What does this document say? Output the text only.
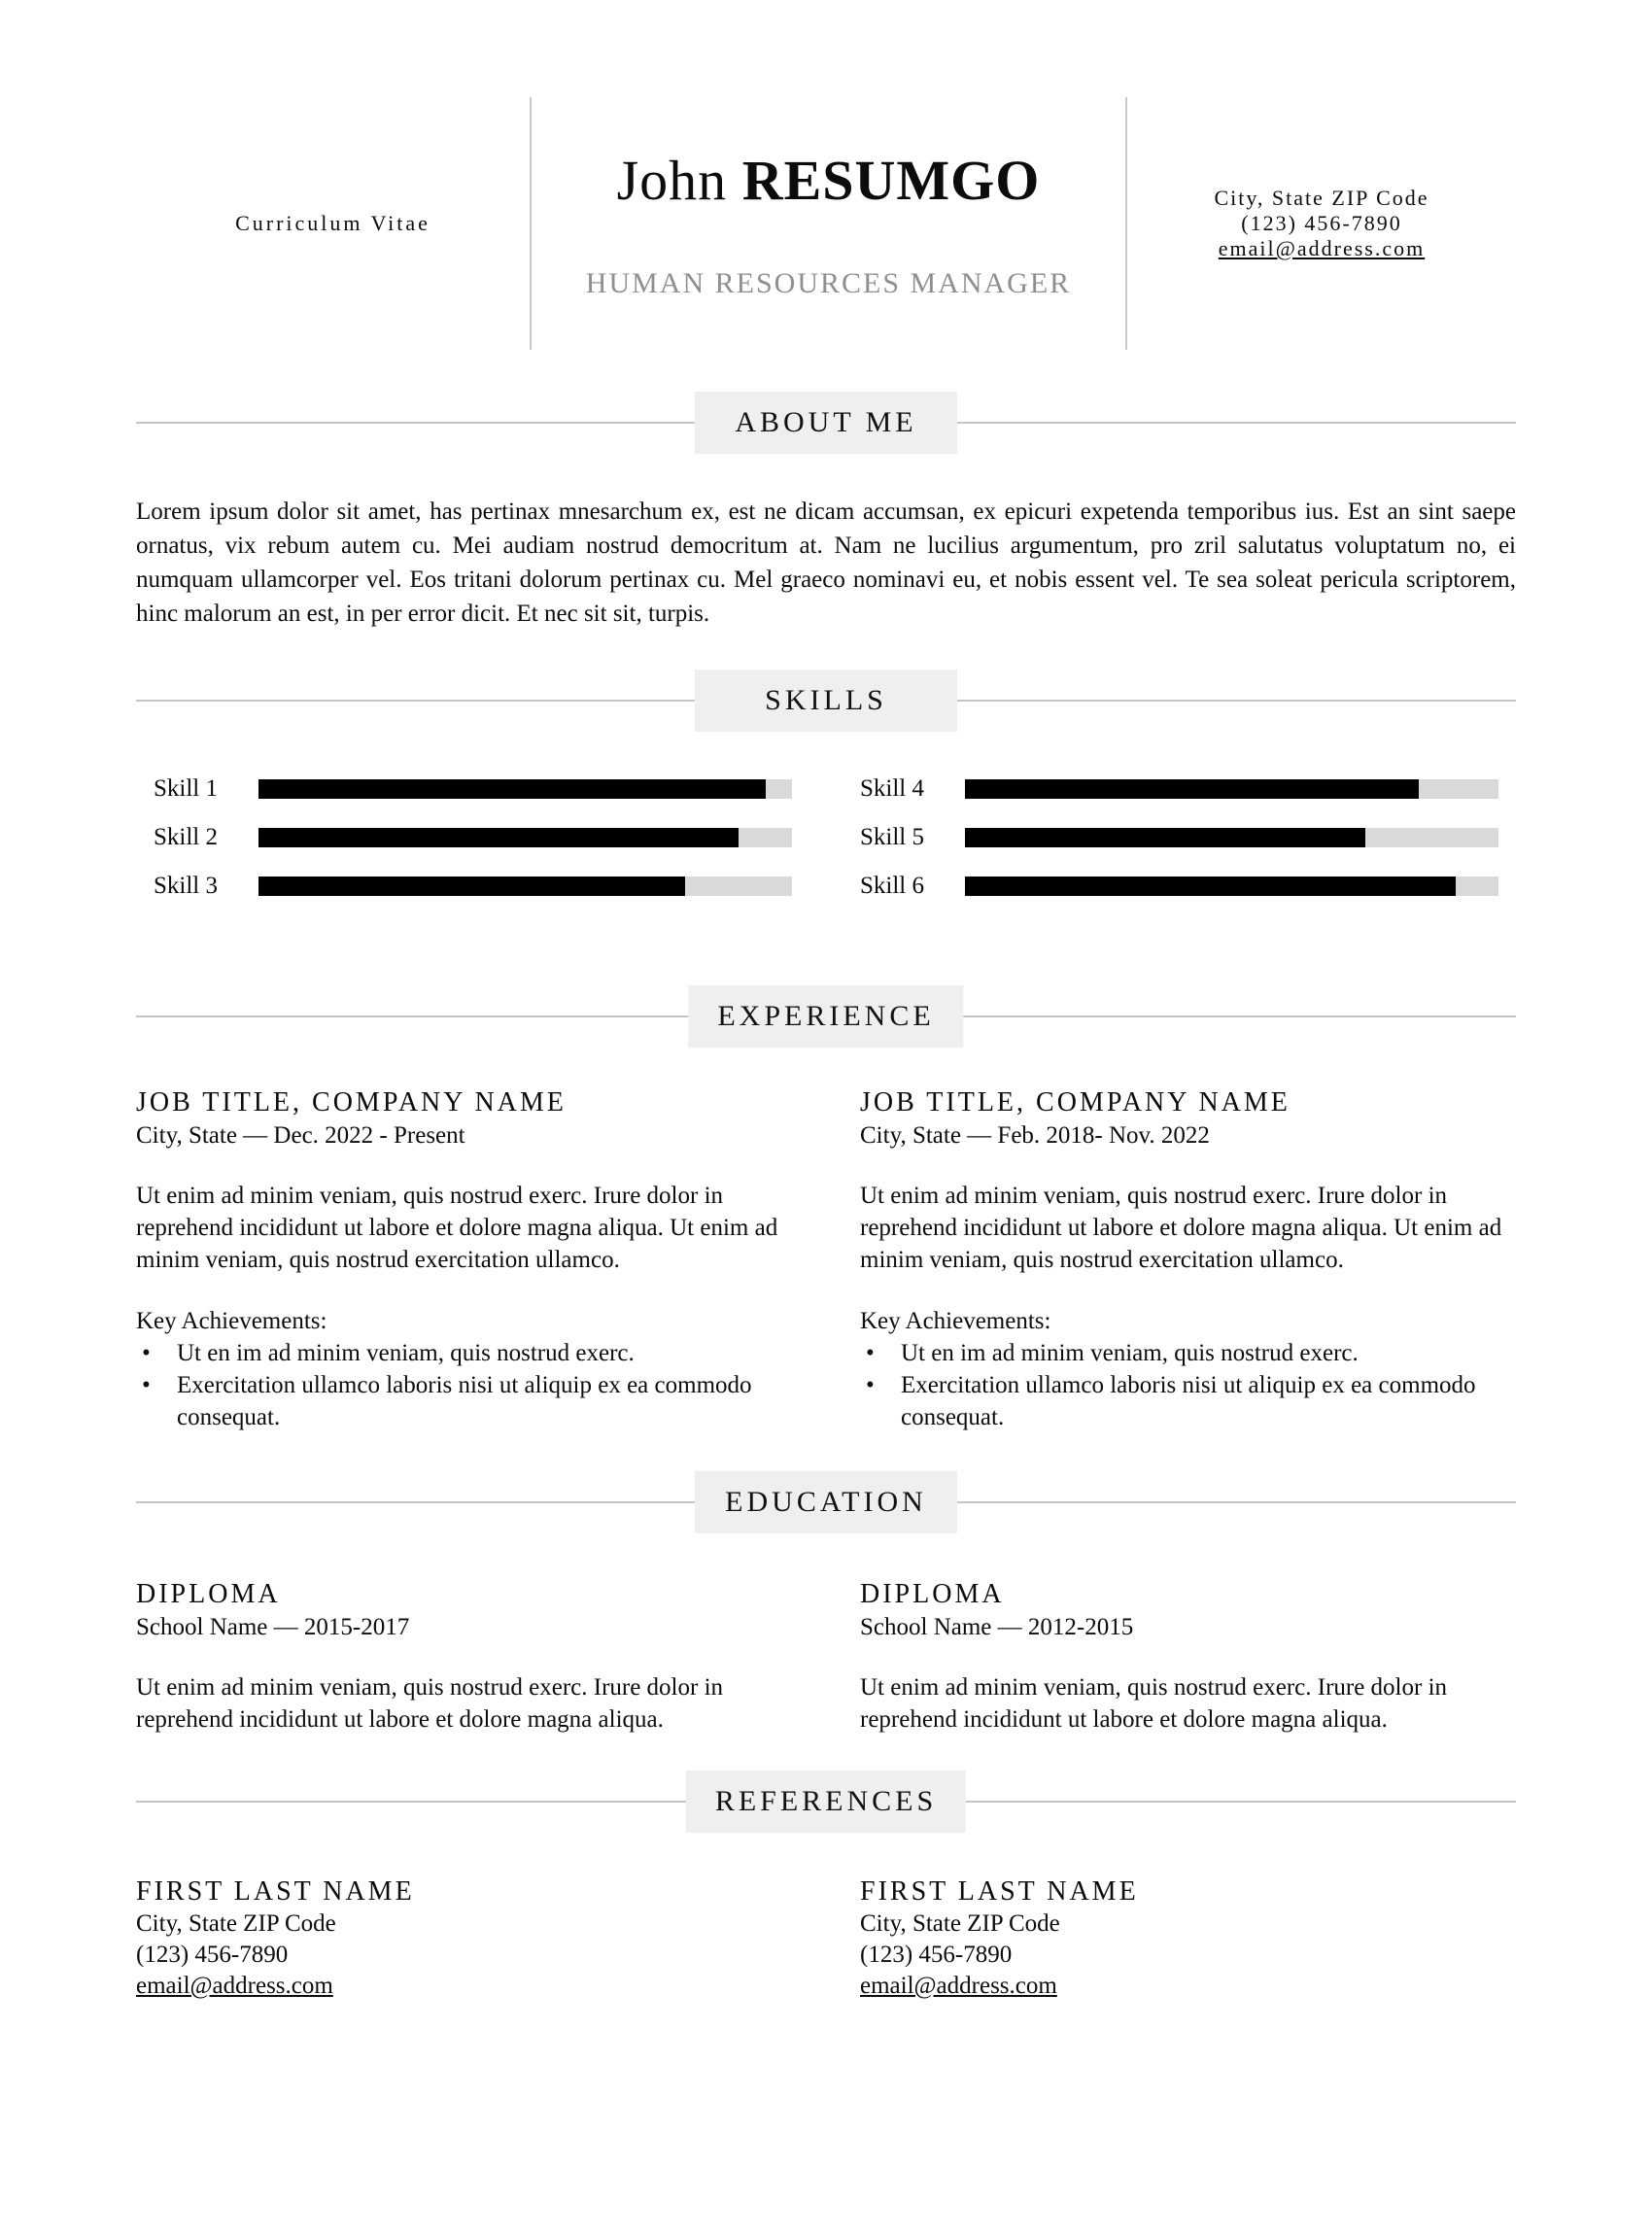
Curriculum Vitae
John RESUMGO
HUMAN RESOURCES MANAGER
City, State ZIP Code
(123) 456-7890
email@address.com
ABOUT ME

Lorem ipsum dolor sit amet, has pertinax mnesarchum ex, est ne dicam accumsan, ex epicuri expetenda temporibus ius. Est an sint saepe ornatus, vix rebum autem cu. Mei audiam nostrud democritum at. Nam ne lucilius argumentum, pro zril salutatus voluptatum no, ei numquam ullamcorper vel. Eos tritani dolorum pertinax cu. Mel graeco nominavi eu, et nobis essent vel. Te sea soleat pericula scriptorem, hinc malorum an est, in per error dicit. Et nec sit sit, turpis.

SKILLS
Skill 1
Skill 2
Skill 3
Skill 4
Skill 5
Skill 6
EXPERIENCE
JOB TITLE, COMPANY NAME
City, State — Dec. 2022 - Present

Ut enim ad minim veniam, quis nostrud exerc. Irure dolor in reprehend incididunt ut labore et dolore magna aliqua. Ut enim ad minim veniam, quis nostrud exercitation ullamco.

Key Achievements:
• Ut en im ad minim veniam, quis nostrud exerc.
• Exercitation ullamco laboris nisi ut aliquip ex ea commodo consequat.
JOB TITLE, COMPANY NAME
City, State — Feb. 2018- Nov. 2022

Ut enim ad minim veniam, quis nostrud exerc. Irure dolor in reprehend incididunt ut labore et dolore magna aliqua. Ut enim ad minim veniam, quis nostrud exercitation ullamco.

Key Achievements:
• Ut en im ad minim veniam, quis nostrud exerc.
• Exercitation ullamco laboris nisi ut aliquip ex ea commodo consequat.
EDUCATION
DIPLOMA
School Name — 2015-2017

Ut enim ad minim veniam, quis nostrud exerc. Irure dolor in reprehend incididunt ut labore et dolore magna aliqua.

DIPLOMA
School Name — 2012-2015

Ut enim ad minim veniam, quis nostrud exerc. Irure dolor in reprehend incididunt ut labore et dolore magna aliqua.

REFERENCES
FIRST LAST NAME
City, State ZIP Code
(123) 456-7890
email@address.com
FIRST LAST NAME
City, State ZIP Code
(123) 456-7890
email@address.com
